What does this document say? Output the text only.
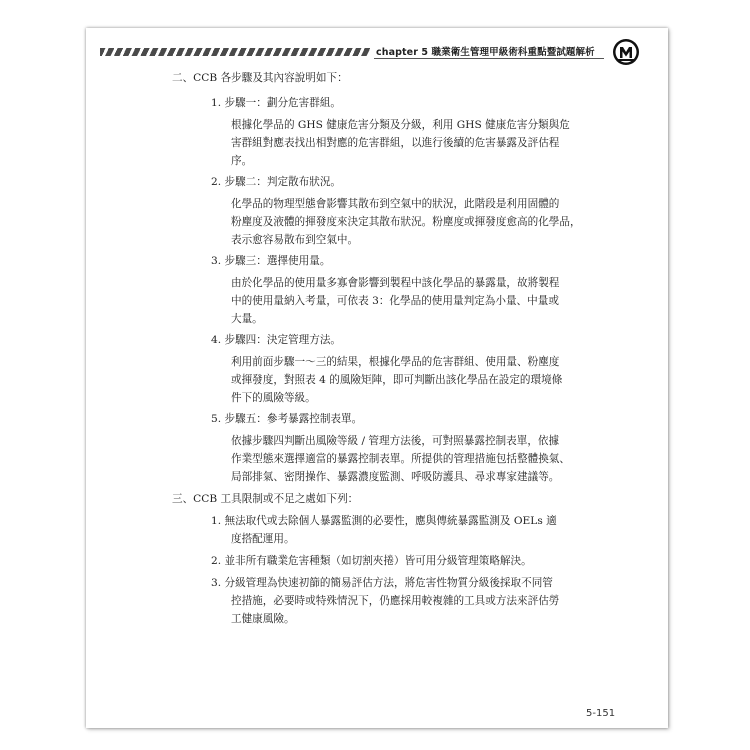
chapter 5 職業衛生管理甲級術科重點暨試題解析
二、CCB 各步驟及其內容說明如下：
1. 步驟一：劃分危害群組。
根據化學品的 GHS 健康危害分類及分級，利用 GHS 健康危害分類與危
害群組對應表找出相對應的危害群組，以進行後續的危害暴露及評估程
序。
2. 步驟二：判定散布狀況。
化學品的物理型態會影響其散布到空氣中的狀況，此階段是利用固體的
粉塵度及液體的揮發度來決定其散布狀況。粉塵度或揮發度愈高的化學品，
表示愈容易散布到空氣中。
3. 步驟三：選擇使用量。
由於化學品的使用量多寡會影響到製程中該化學品的暴露量，故將製程
中的使用量納入考量，可依表 3：化學品的使用量判定為小量、中量或
大量。
4. 步驟四：決定管理方法。
利用前面步驟一～三的結果，根據化學品的危害群組、使用量、粉塵度
或揮發度，對照表 4 的風險矩陣，即可判斷出該化學品在設定的環境條
件下的風險等級。
5. 步驟五：參考暴露控制表單。
依據步驟四判斷出風險等級 / 管理方法後，可對照暴露控制表單，依據
作業型態來選擇適當的暴露控制表單。所提供的管理措施包括整體換氣、
局部排氣、密閉操作、暴露濃度監測、呼吸防護具、尋求專家建議等。
三、CCB 工具限制或不足之處如下列：
1. 無法取代或去除個人暴露監測的必要性，應與傳統暴露監測及 OELs 適
度搭配運用。
2. 並非所有職業危害種類（如切割夾捲）皆可用分級管理策略解決。
3. 分級管理為快速初篩的簡易評估方法，將危害性物質分級後採取不同管
控措施，必要時或特殊情況下，仍應採用較複雜的工具或方法來評估勞
工健康風險。
5-151
